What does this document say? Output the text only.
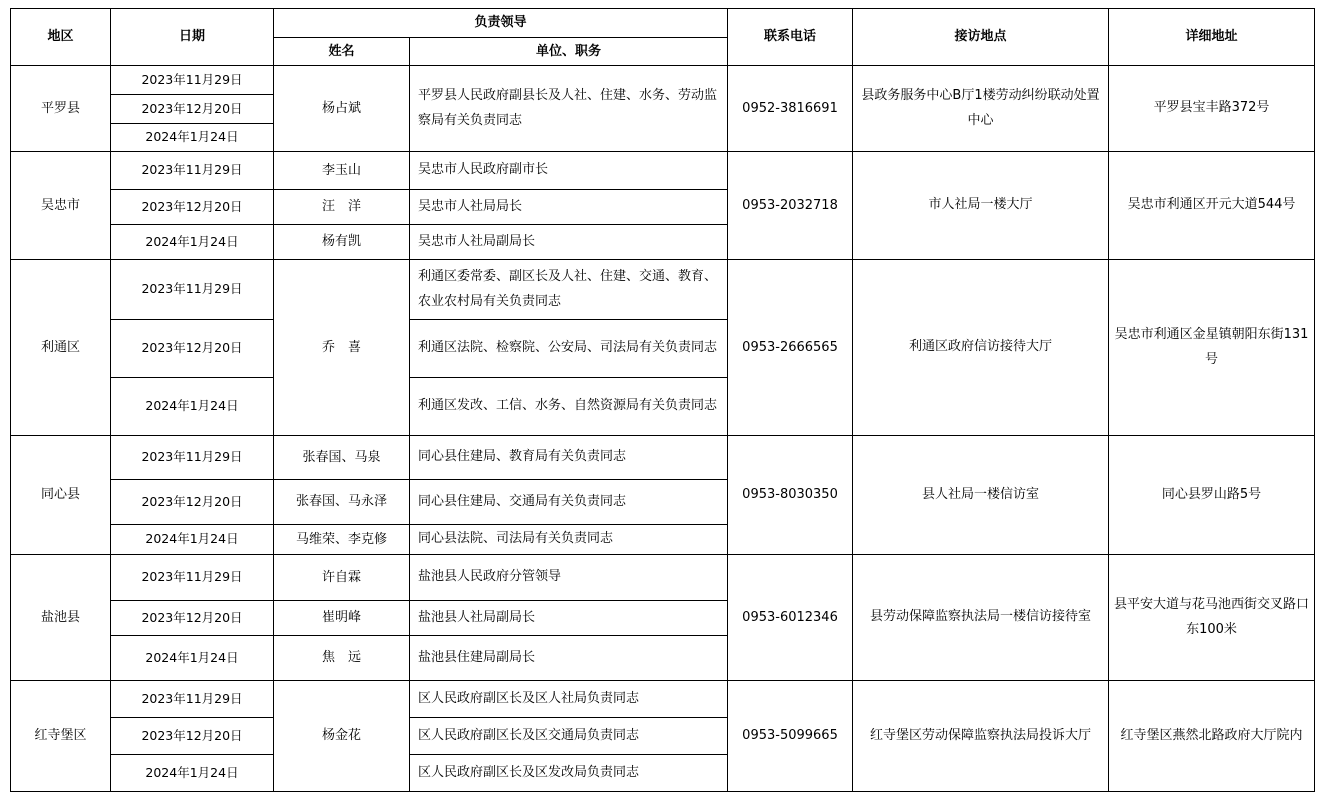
地区	日期	负责领导		联系电话	接访地点	详细地址
		姓名	单位、职务			
平罗县	2023年11月29日	杨占斌	平罗县人民政府副县长及人社、住建、水务、劳动监察局有关负责同志	0952-3816691	县政务服务中心B厅1楼劳动纠纷联动处置中心	平罗县宝丰路372号
	2023年12月20日					
	2024年1月24日					
吴忠市	2023年11月29日	李玉山	吴忠市人民政府副市长	0953-2032718	市人社局一楼大厅	吴忠市利通区开元大道544号
	2023年12月20日	汪　洋	吴忠市人社局局长			
	2024年1月24日	杨有凯	吴忠市人社局副局长			
利通区	2023年11月29日	乔　喜	利通区委常委、副区长及人社、住建、交通、教育、农业农村局有关负责同志	0953-2666565	利通区政府信访接待大厅	吴忠市利通区金星镇朝阳东街131号
	2023年12月20日		利通区法院、检察院、公安局、司法局有关负责同志			
	2024年1月24日		利通区发改、工信、水务、自然资源局有关负责同志			
同心县	2023年11月29日	张春国、马泉	同心县住建局、教育局有关负责同志	0953-8030350	县人社局一楼信访室	同心县罗山路5号
	2023年12月20日	张春国、马永泽	同心县住建局、交通局有关负责同志			
	2024年1月24日	马维荣、李克修	同心县法院、司法局有关负责同志			
盐池县	2023年11月29日	许自霖	盐池县人民政府分管领导	0953-6012346	县劳动保障监察执法局一楼信访接待室	县平安大道与花马池西街交叉路口东100米
	2023年12月20日	崔明峰	盐池县人社局副局长			
	2024年1月24日	焦　远	盐池县住建局副局长			
红寺堡区	2023年11月29日	杨金花	区人民政府副区长及区人社局负责同志	0953-5099665	红寺堡区劳动保障监察执法局投诉大厅	红寺堡区燕然北路政府大厅院内
	2023年12月20日		区人民政府副区长及区交通局负责同志			
	2024年1月24日		区人民政府副区长及区发改局负责同志			
